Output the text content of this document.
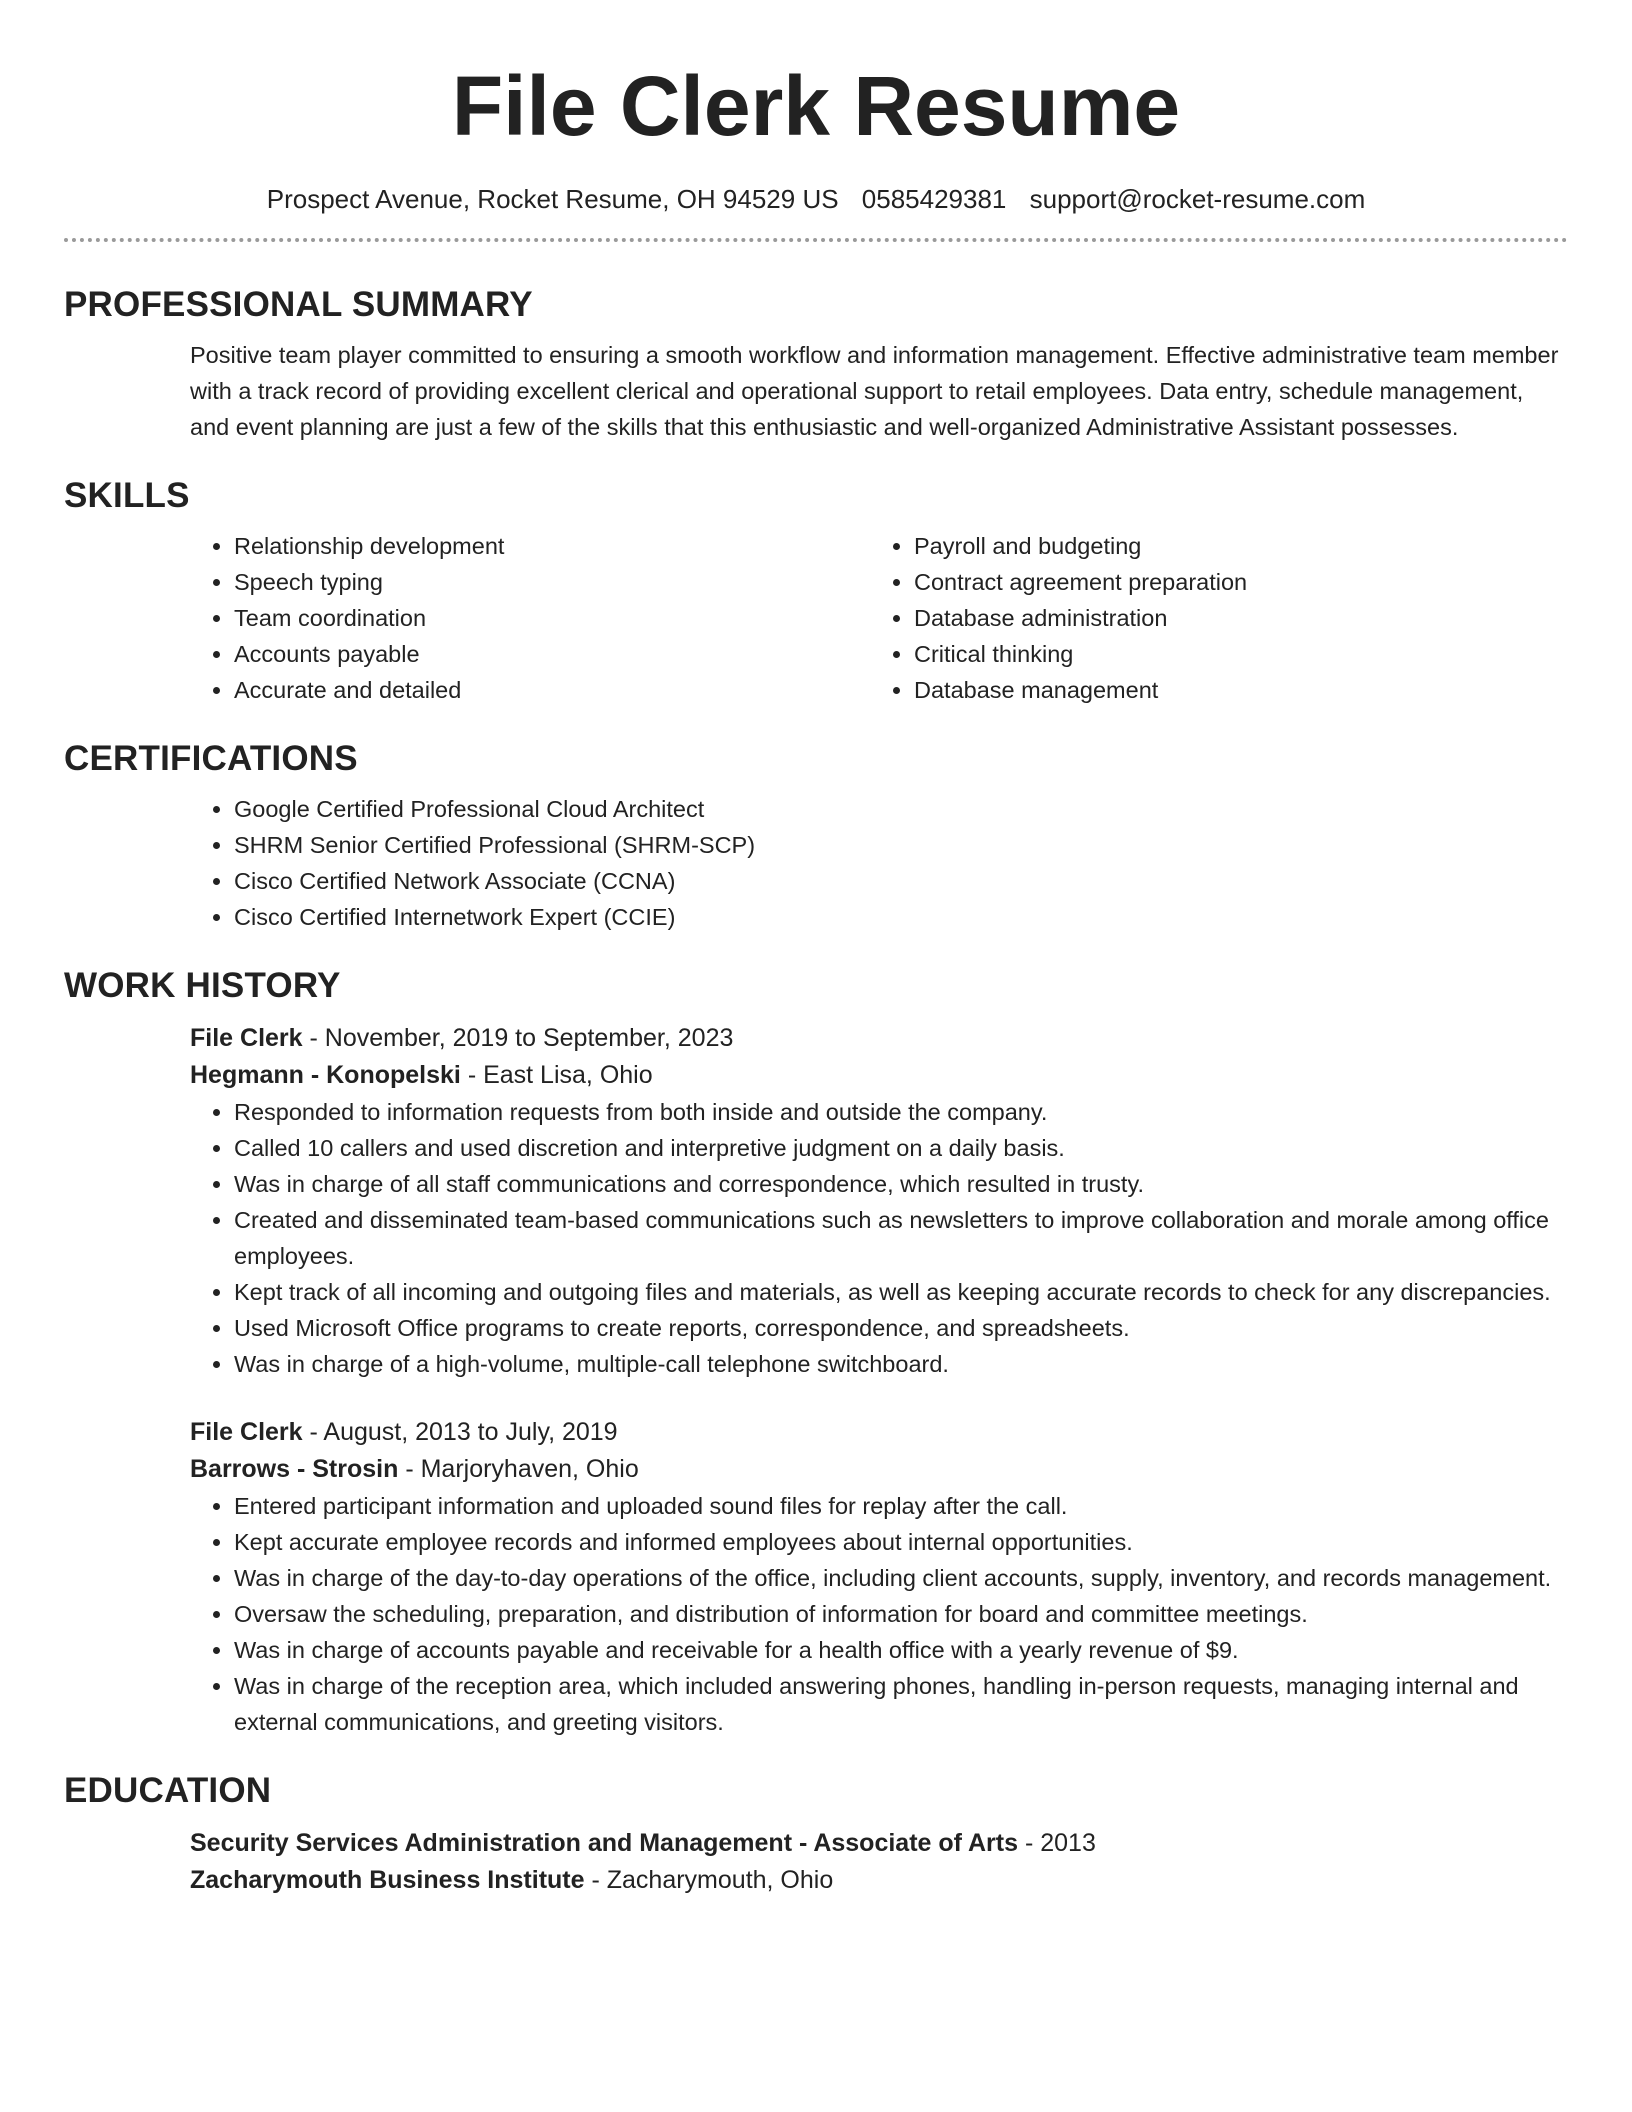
File Clerk Resume
Prospect Avenue, Rocket Resume, OH 94529 US 0585429381 support@rocket-resume.com
PROFESSIONAL SUMMARY

Positive team player committed to ensuring a smooth workflow and information management. Effective administrative team member with a track record of providing excellent clerical and operational support to retail employees. Data entry, schedule management, and event planning are just a few of the skills that this enthusiastic and well-organized Administrative Assistant possesses.

SKILLS
• Relationship development
• Speech typing
• Team coordination
• Accounts payable
• Accurate and detailed
• Payroll and budgeting
• Contract agreement preparation
• Database administration
• Critical thinking
• Database management
CERTIFICATIONS
• Google Certified Professional Cloud Architect
• SHRM Senior Certified Professional (SHRM-SCP)
• Cisco Certified Network Associate (CCNA)
• Cisco Certified Internetwork Expert (CCIE)
WORK HISTORY
File Clerk - November, 2019 to September, 2023
Hegmann - Konopelski - East Lisa, Ohio
• Responded to information requests from both inside and outside the company.
• Called 10 callers and used discretion and interpretive judgment on a daily basis.
• Was in charge of all staff communications and correspondence, which resulted in trusty.
• Created and disseminated team-based communications such as newsletters to improve collaboration and morale among office employees.
• Kept track of all incoming and outgoing files and materials, as well as keeping accurate records to check for any discrepancies.
• Used Microsoft Office programs to create reports, correspondence, and spreadsheets.
• Was in charge of a high-volume, multiple-call telephone switchboard.
File Clerk - August, 2013 to July, 2019
Barrows - Strosin - Marjoryhaven, Ohio
• Entered participant information and uploaded sound files for replay after the call.
• Kept accurate employee records and informed employees about internal opportunities.
• Was in charge of the day-to-day operations of the office, including client accounts, supply, inventory, and records management.
• Oversaw the scheduling, preparation, and distribution of information for board and committee meetings.
• Was in charge of accounts payable and receivable for a health office with a yearly revenue of $9.
• Was in charge of the reception area, which included answering phones, handling in-person requests, managing internal and external communications, and greeting visitors.
EDUCATION
Security Services Administration and Management - Associate of Arts - 2013
Zacharymouth Business Institute - Zacharymouth, Ohio
